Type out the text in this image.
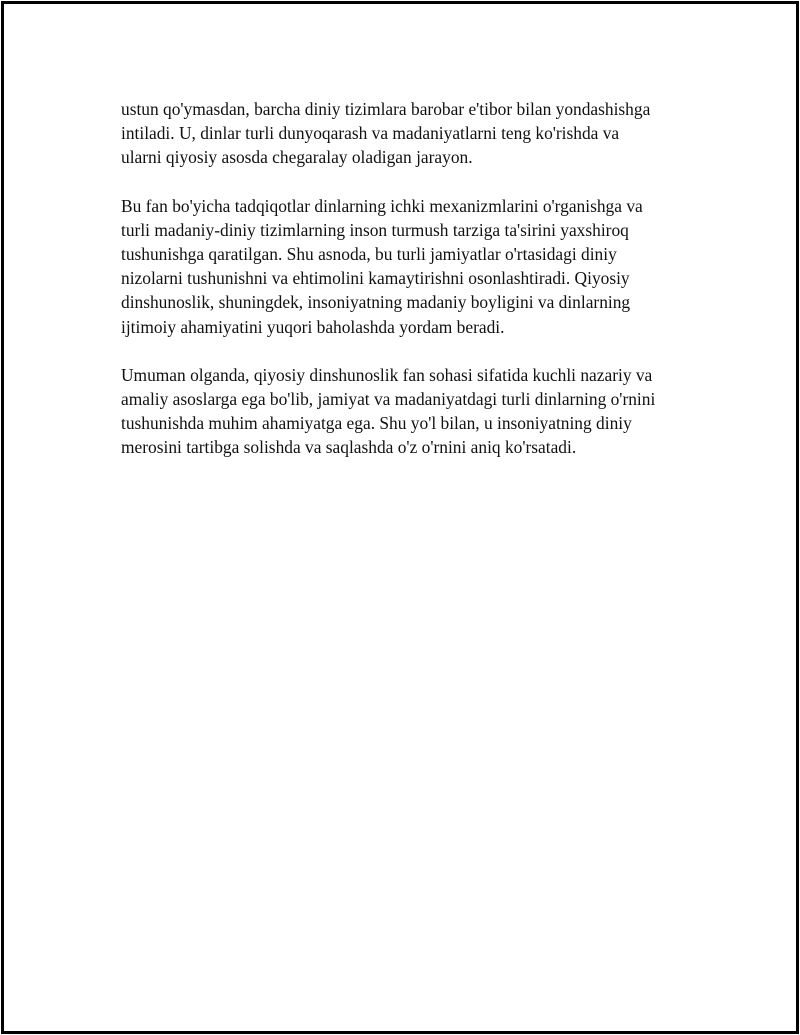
ustun qo'ymasdan, barcha diniy tizimlara barobar e'tibor bilan yondashishga
intiladi. U, dinlar turli dunyoqarash va madaniyatlarni teng ko'rishda va
ularni qiyosiy asosda chegaralay oladigan jarayon.

Bu fan bo'yicha tadqiqotlar dinlarning ichki mexanizmlarini o'rganishga va
turli madaniy-diniy tizimlarning inson turmush tarziga ta'sirini yaxshiroq
tushunishga qaratilgan. Shu asnoda, bu turli jamiyatlar o'rtasidagi diniy
nizolarni tushunishni va ehtimolini kamaytirishni osonlashtiradi. Qiyosiy
dinshunoslik, shuningdek, insoniyatning madaniy boyligini va dinlarning
ijtimoiy ahamiyatini yuqori baholashda yordam beradi.

Umuman olganda, qiyosiy dinshunoslik fan sohasi sifatida kuchli nazariy va
amaliy asoslarga ega bo'lib, jamiyat va madaniyatdagi turli dinlarning o'rnini
tushunishda muhim ahamiyatga ega. Shu yo'l bilan, u insoniyatning diniy
merosini tartibga solishda va saqlashda o'z o'rnini aniq ko'rsatadi.
